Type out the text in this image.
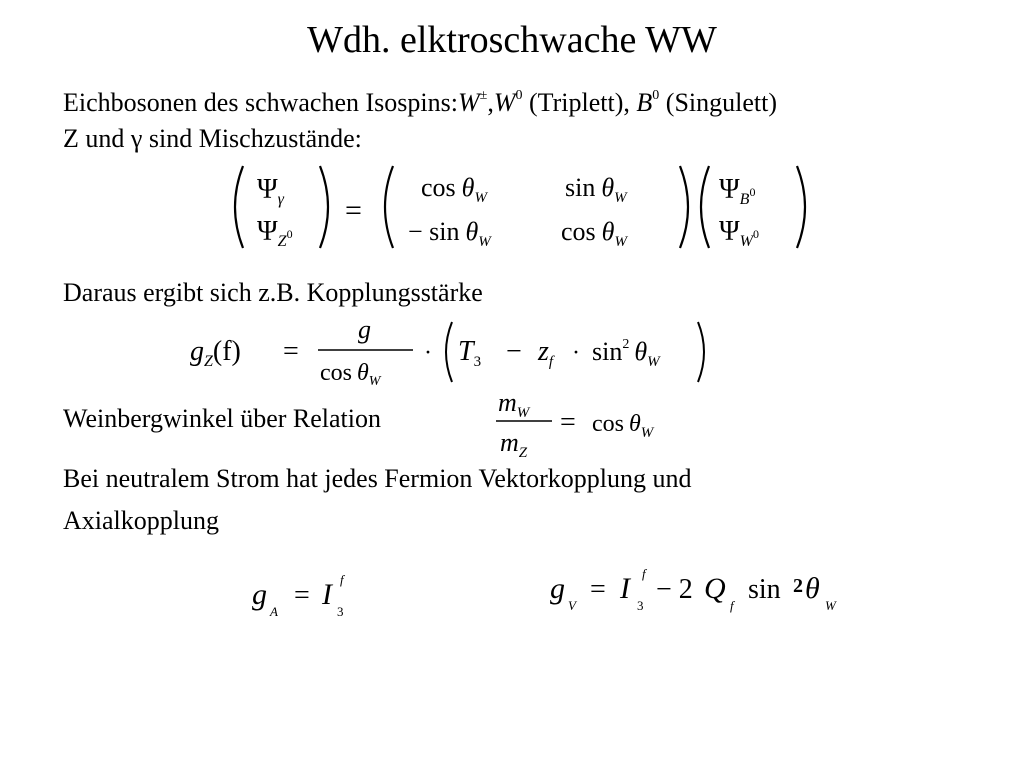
Wdh. elktroschwache WW
Eichbosonen des schwachen $Isospins:W^\pm,W^0$ (Triplett), $B^0$ (Singulett)
Z und γ sind Mischzustände:
$\Psi_\gamma$
$\Psi_Z^0$
=
$\cos \theta_W$	$\sin \theta_W$
− $\sin \theta_W$	$\cos \theta_W$
$\Psi_B^0$
$\Psi_W^0$
Daraus ergibt sich z.B. Kopplungsstärke
$g_Z(f)$ =
g
$\cos \theta_W$
· $T_3 - z_f \cdot \sin^2 \theta_W$
Weinbergwinkel über Relation
$m_W$
$m_Z$
= $\cos \theta_W$
Bei neutralem Strom hat jedes Fermion Vektorkopplung und
Axialkopplung
g
A
= I f
3
g
V
= I f
3
− 2 Q
f
sin 2 θ
W
